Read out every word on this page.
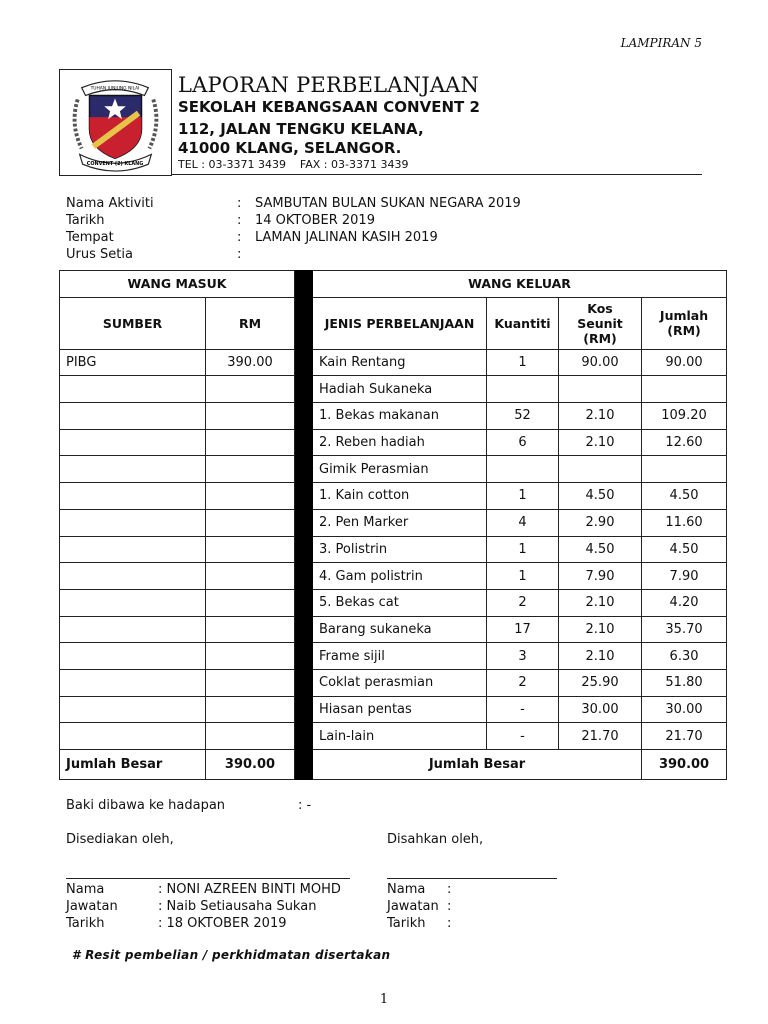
LAMPIRAN 5
TUHAN JUNJUNG NILAI
CONVENT (2) KLANG
LAPORAN PERBELANJAAN
SEKOLAH KEBANGSAAN CONVENT 2
112, JALAN TENGKU KELANA,
41000 KLANG, SELANGOR.
TEL : 03-3371 3439    FAX : 03-3371 3439
Nama Aktiviti	: SAMBUTAN BULAN SUKAN NEGARA 2019
Tarikh	: 14 OKTOBER 2019
Tempat	: LAMAN JALINAN KASIH 2019
Urus Setia	:
WANG MASUK			WANG KELUAR			
SUMBER	RM		JENIS PERBELANJAAN	Kuantiti	Kos Seunit (RM)	Jumlah (RM)
PIBG	390.00		Kain Rentang	1	90.00	90.00
			Hadiah Sukaneka			
			1. Bekas makanan	52	2.10	109.20
			2. Reben hadiah	6	2.10	12.60
			Gimik Perasmian			
			1. Kain cotton	1	4.50	4.50
			2. Pen Marker	4	2.90	11.60
			3. Polistrin	1	4.50	4.50
			4. Gam polistrin	1	7.90	7.90
			5. Bekas cat	2	2.10	4.20
			Barang sukaneka	17	2.10	35.70
			Frame sijil	3	2.10	6.30
			Coklat perasmian	2	25.90	51.80
			Hiasan pentas	-	30.00	30.00
			Lain-lain	-	21.70	21.70
Jumlah Besar	390.00		Jumlah Besar			390.00
Baki dibawa ke hadapan	: -
Disediakan oleh,	Disahkan oleh,
Nama	: NONI AZREEN BINTI MOHD
Jawatan	: Naib Setiausaha Sukan
Tarikh	: 18 OKTOBER 2019
Nama :
Jawatan :
Tarikh :
# Resit pembelian / perkhidmatan disertakan
1
